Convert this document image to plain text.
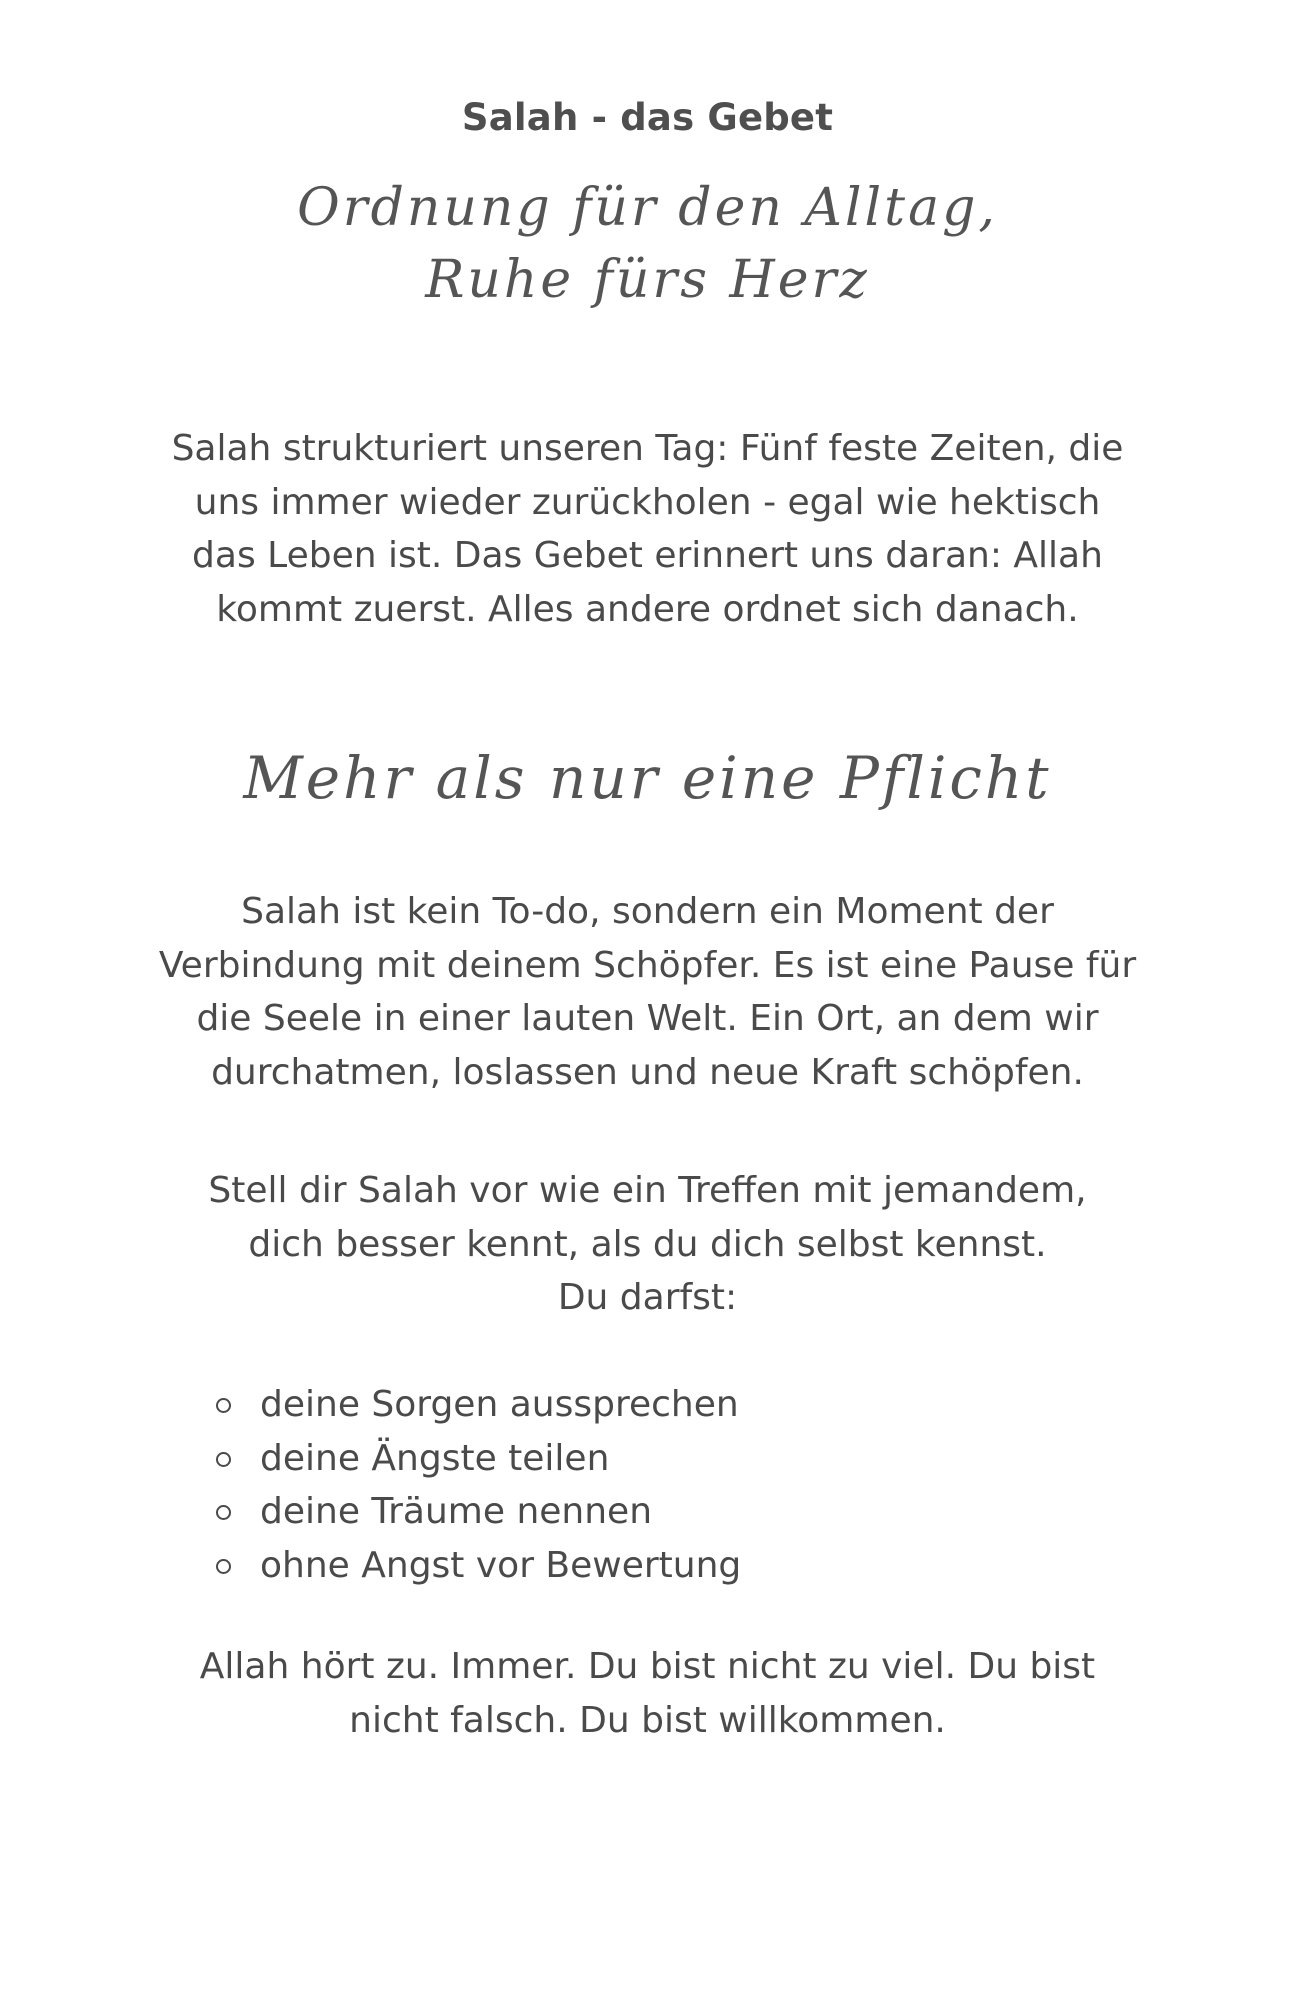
Salah - das Gebet
Ordnung für den Alltag,
Ruhe fürs Herz
Salah strukturiert unseren Tag: Fünf feste Zeiten, die
uns immer wieder zurückholen - egal wie hektisch
das Leben ist. Das Gebet erinnert uns daran: Allah
kommt zuerst. Alles andere ordnet sich danach.
Mehr als nur eine Pflicht
Salah ist kein To-do, sondern ein Moment der
Verbindung mit deinem Schöpfer. Es ist eine Pause für
die Seele in einer lauten Welt. Ein Ort, an dem wir
durchatmen, loslassen und neue Kraft schöpfen.
Stell dir Salah vor wie ein Treffen mit jemandem,
dich besser kennt, als du dich selbst kennst.
Du darfst:
deine Sorgen aussprechen
deine Ängste teilen
deine Träume nennen
ohne Angst vor Bewertung
Allah hört zu. Immer. Du bist nicht zu viel. Du bist
nicht falsch. Du bist willkommen.
